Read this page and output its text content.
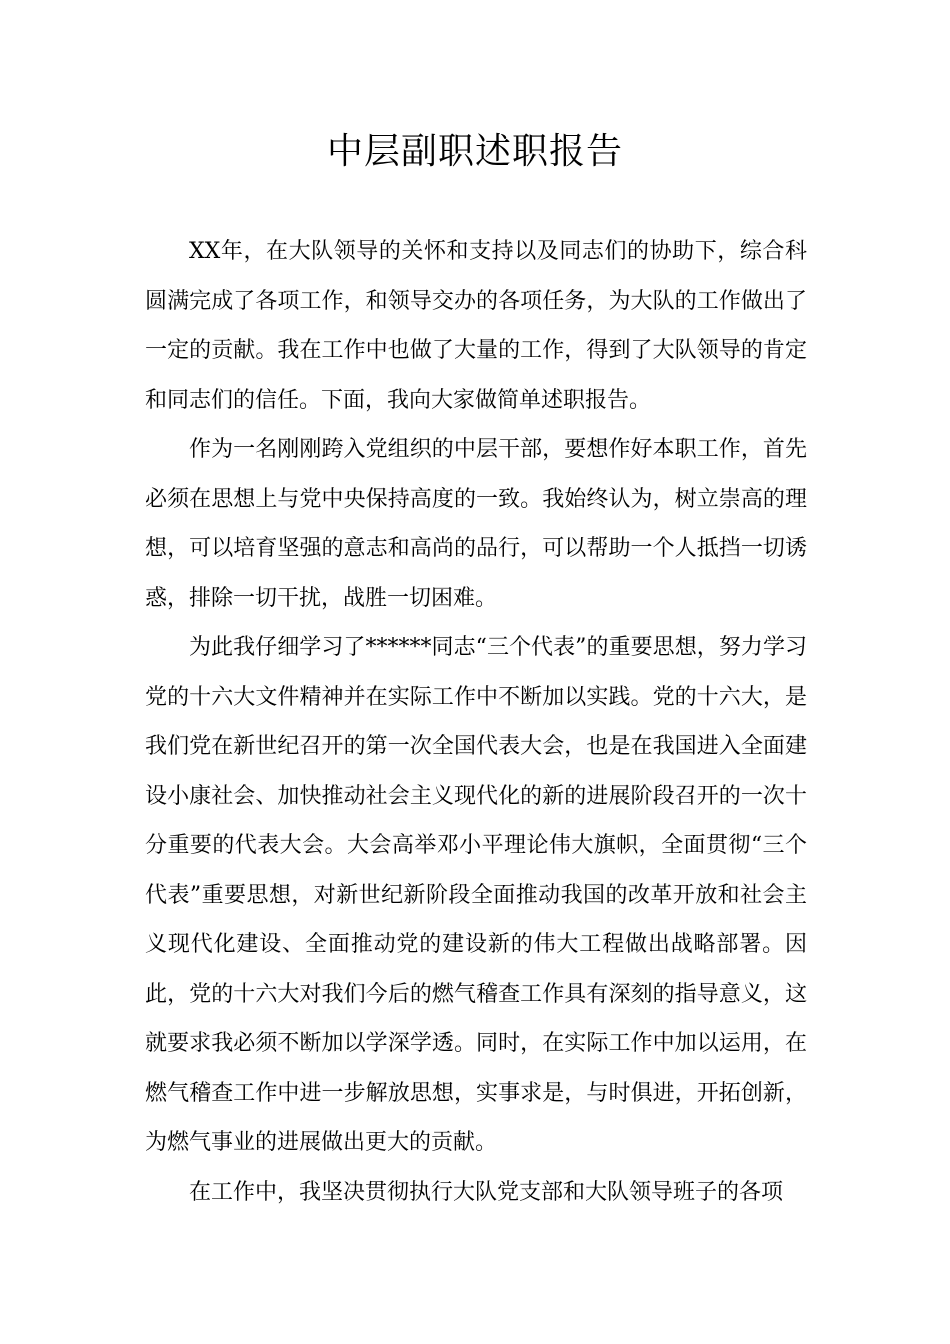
中层副职述职报告

XX年，在大队领导的关怀和支持以及同志们的协助下，综合科圆满完成了各项工作，和领导交办的各项任务，为大队的工作做出了一定的贡献。我在工作中也做了大量的工作，得到了大队领导的肯定和同志们的信任。下面，我向大家做简单述职报告。

作为一名刚刚跨入党组织的中层干部，要想作好本职工作，首先必须在思想上与党中央保持高度的一致。我始终认为，树立崇高的理想，可以培育坚强的意志和高尚的品行，可以帮助一个人抵挡一切诱惑，排除一切干扰，战胜一切困难。

为此我仔细学习了******同志“三个代表”的重要思想，努力学习党的十六大文件精神并在实际工作中不断加以实践。党的十六大，是我们党在新世纪召开的第一次全国代表大会，也是在我国进入全面建设小康社会、加快推动社会主义现代化的新的进展阶段召开的一次十分重要的代表大会。大会高举邓小平理论伟大旗帜，全面贯彻“三个代表”重要思想，对新世纪新阶段全面推动我国的改革开放和社会主义现代化建设、全面推动党的建设新的伟大工程做出战略部署。因此，党的十六大对我们今后的燃气稽查工作具有深刻的指导意义，这就要求我必须不断加以学深学透。同时，在实际工作中加以运用，在燃气稽查工作中进一步解放思想，实事求是，与时俱进，开拓创新，为燃气事业的进展做出更大的贡献。

在工作中，我坚决贯彻执行大队党支部和大队领导班子的各项
